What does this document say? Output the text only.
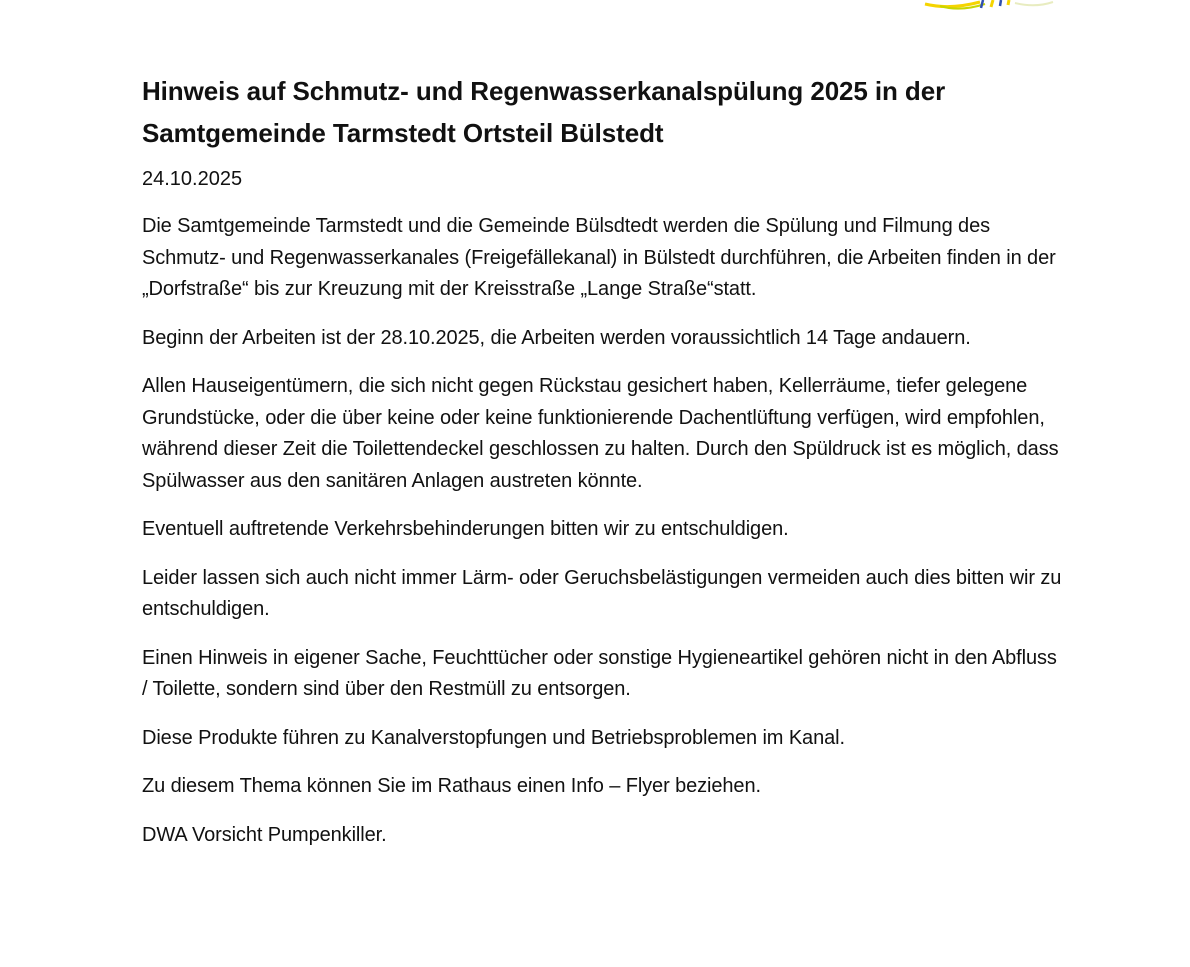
Hinweis auf Schmutz- und Regenwasserkanalspülung 2025 in der Samtgemeinde Tarmstedt Ortsteil Bülstedt
24.10.2025

Die Samtgemeinde Tarmstedt und die Gemeinde Bülsdtedt werden die Spülung und Filmung des Schmutz- und Regenwasserkanales (Freigefällekanal) in Bülstedt durchführen, die Arbeiten finden in der „Dorfstraße“ bis zur Kreuzung mit der Kreisstraße „Lange Straße“statt.

Beginn der Arbeiten ist der 28.10.2025, die Arbeiten werden voraussichtlich 14 Tage andauern.

Allen Hauseigentümern, die sich nicht gegen Rückstau gesichert haben, Kellerräume, tiefer gelegene Grundstücke, oder die über keine oder keine funktionierende Dachentlüftung verfügen, wird empfohlen, während dieser Zeit die Toilettendeckel geschlossen zu halten. Durch den Spüldruck ist es möglich, dass Spülwasser aus den sanitären Anlagen austreten könnte.

Eventuell auftretende Verkehrsbehinderungen bitten wir zu entschuldigen.

Leider lassen sich auch nicht immer Lärm- oder Geruchsbelästigungen vermeiden auch dies bitten wir zu entschuldigen.

Einen Hinweis in eigener Sache, Feuchttücher oder sonstige Hygieneartikel gehören nicht in den Abfluss / Toilette, sondern sind über den Restmüll zu entsorgen.

Diese Produkte führen zu Kanalverstopfungen und Betriebsproblemen im Kanal.

Zu diesem Thema können Sie im Rathaus einen Info – Flyer beziehen.

DWA Vorsicht Pumpenkiller.
